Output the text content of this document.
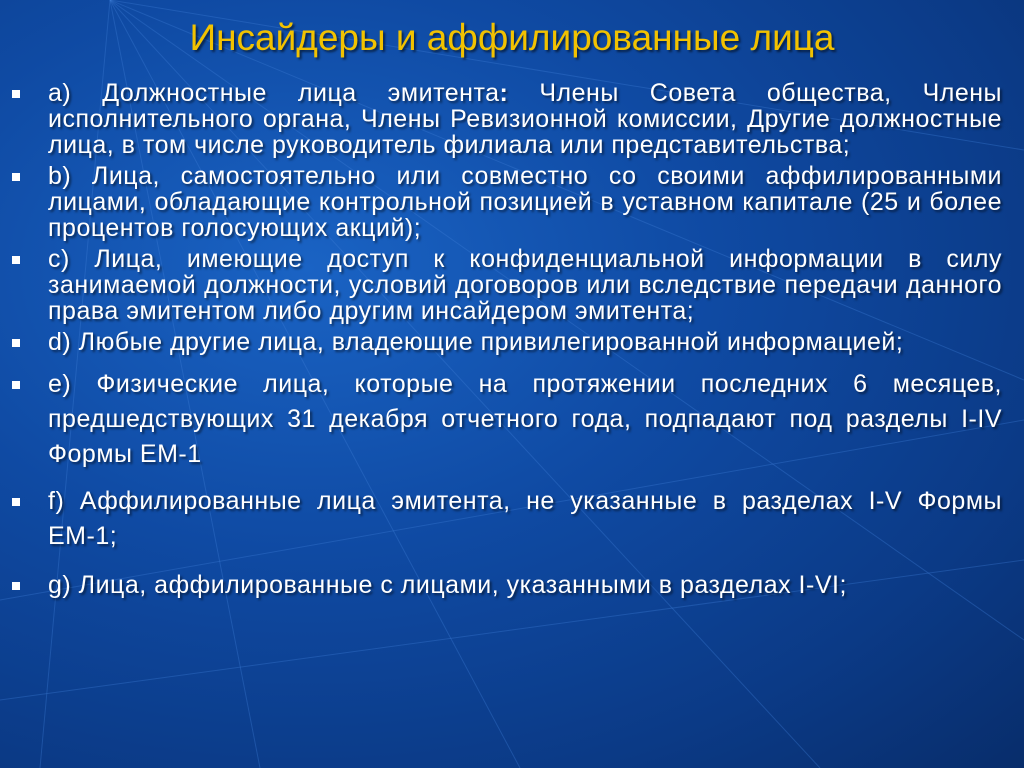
Инсайдеры и аффилированные лица
a) Должностные лица эмитента: Члены Совета общества, Члены исполнительного органа, Члены Ревизионной комиссии, Другие должностные лица, в том числе руководитель филиала или представительства;
b) Лица, самостоятельно или совместно со своими аффилированными лицами, обладающие контрольной позицией в уставном капитале (25 и более процентов голосующих акций);
c) Лица, имеющие доступ к конфиденциальной информации в силу занимаемой должности, условий договоров или вследствие передачи данного права эмитентом либо другим инсайдером эмитента;
d) Любые другие лица, владеющие привилегированной информацией;
e) Физические лица, которые на протяжении последних 6 месяцев, предшедствующих 31 декабря отчетного года, подпадают под разделы I-IV Формы ЕМ-1
f) Аффилированные лица эмитента, не указанные в разделах I-V Формы ЕМ-1;
g) Лица, аффилированные с лицами, указанными в разделах I-VI;
